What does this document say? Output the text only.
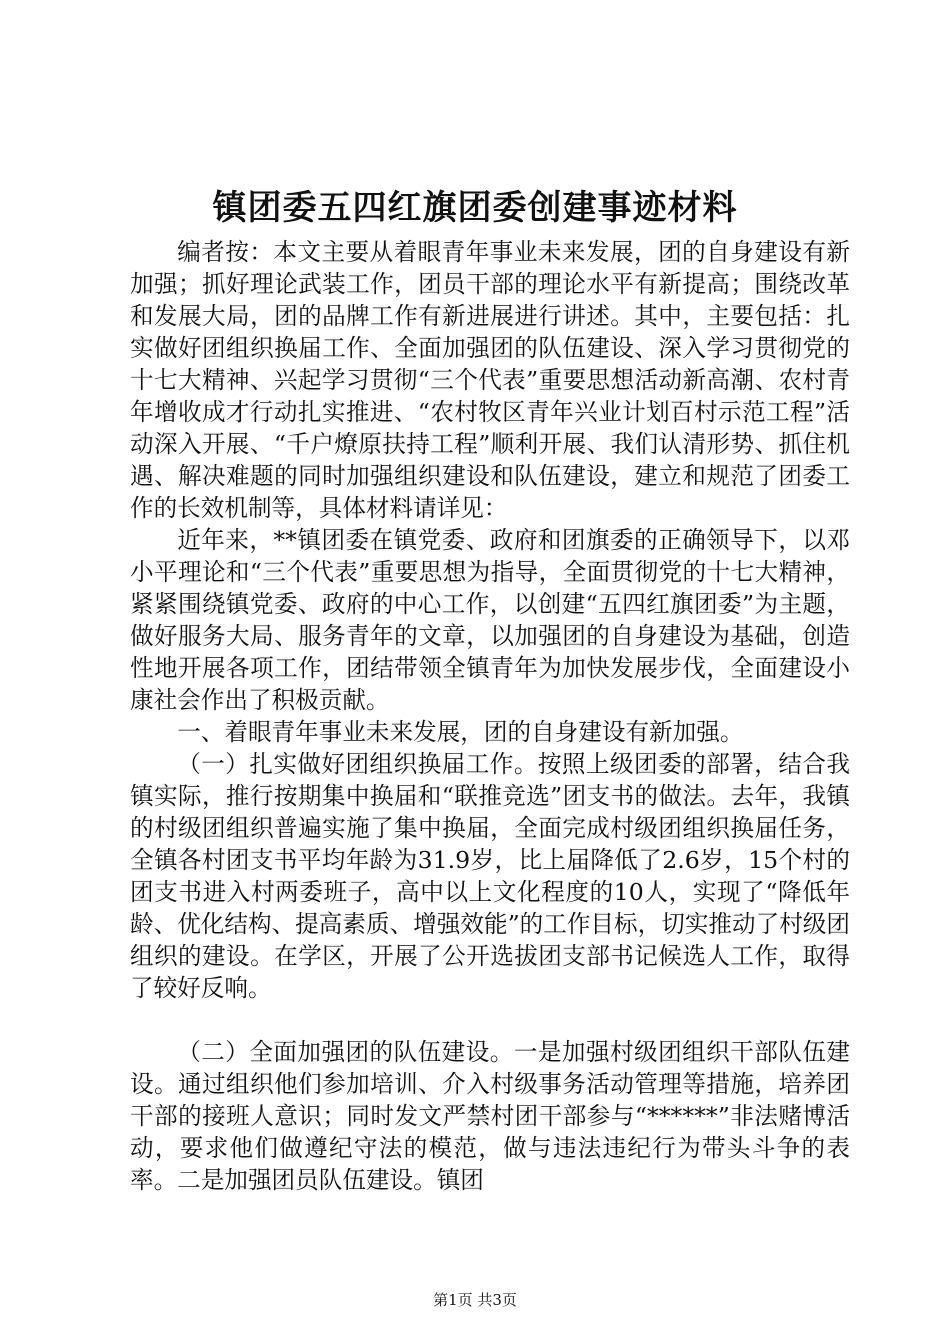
镇团委五四红旗团委创建事迹材料

编者按：本文主要从着眼青年事业未来发展，团的自身建设有新加强；抓好理论武装工作，团员干部的理论水平有新提高；围绕改革和发展大局，团的品牌工作有新进展进行讲述。其中，主要包括：扎实做好团组织换届工作、全面加强团的队伍建设、深入学习贯彻党的十七大精神、兴起学习贯彻“三个代表”重要思想活动新高潮、农村青年增收成才行动扎实推进、“农村牧区青年兴业计划百村示范工程”活动深入开展、“千户燎原扶持工程”顺利开展、我们认清形势、抓住机遇、解决难题的同时加强组织建设和队伍建设，建立和规范了团委工作的长效机制等，具体材料请详见：

近年来，**镇团委在镇党委、政府和团旗委的正确领导下，以邓小平理论和“三个代表”重要思想为指导，全面贯彻党的十七大精神，紧紧围绕镇党委、政府的中心工作，以创建“五四红旗团委”为主题，做好服务大局、服务青年的文章，以加强团的自身建设为基础，创造性地开展各项工作，团结带领全镇青年为加快发展步伐，全面建设小康社会作出了积极贡献。

一、着眼青年事业未来发展，团的自身建设有新加强。

（一）扎实做好团组织换届工作。按照上级团委的部署，结合我镇实际，推行按期集中换届和“联推竞选”团支书的做法。去年，我镇的村级团组织普遍实施了集中换届，全面完成村级团组织换届任务，全镇各村团支书平均年龄为31.9岁，比上届降低了2.6岁，15个村的团支书进入村两委班子，高中以上文化程度的10人，实现了“降低年龄、优化结构、提高素质、增强效能”的工作目标，切实推动了村级团组织的建设。在学区，开展了公开选拔团支部书记候选人工作，取得了较好反响。

（二）全面加强团的队伍建设。一是加强村级团组织干部队伍建设。通过组织他们参加培训、介入村级事务活动管理等措施，培养团干部的接班人意识；同时发文严禁村团干部参与“******”非法赌博活动，要求他们做遵纪守法的模范，做与违法违纪行为带头斗争的表率。二是加强团员队伍建设。镇团

第1页 共3页
